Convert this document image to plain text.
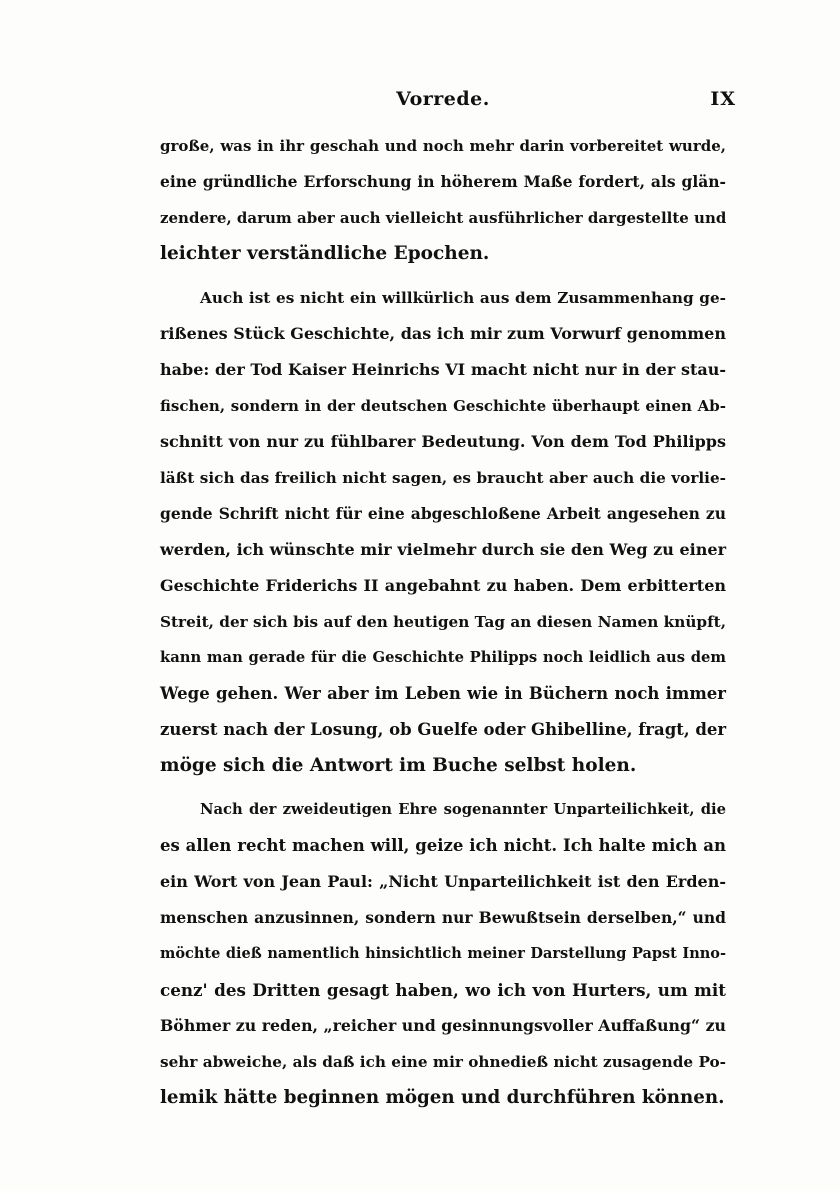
Vorrede.	IX
große, was in ihr geschah und noch mehr darin vorbereitet wurde,
eine gründliche Erforschung in höherem Maße fordert, als glän-
zendere, darum aber auch vielleicht ausführlicher dargestellte und
leichter verständliche Epochen.
Auch ist es nicht ein willkürlich aus dem Zusammenhang ge-
rißenes Stück Geschichte, das ich mir zum Vorwurf genommen
habe: der Tod Kaiser Heinrichs VI macht nicht nur in der stau-
fischen, sondern in der deutschen Geschichte überhaupt einen Ab-
schnitt von nur zu fühlbarer Bedeutung. Von dem Tod Philipps
läßt sich das freilich nicht sagen, es braucht aber auch die vorlie-
gende Schrift nicht für eine abgeschloßene Arbeit angesehen zu
werden, ich wünschte mir vielmehr durch sie den Weg zu einer
Geschichte Friderichs II angebahnt zu haben. Dem erbitterten
Streit, der sich bis auf den heutigen Tag an diesen Namen knüpft,
kann man gerade für die Geschichte Philipps noch leidlich aus dem
Wege gehen. Wer aber im Leben wie in Büchern noch immer
zuerst nach der Losung, ob Guelfe oder Ghibelline, fragt, der
möge sich die Antwort im Buche selbst holen.
Nach der zweideutigen Ehre sogenannter Unparteilichkeit, die
es allen recht machen will, geize ich nicht. Ich halte mich an
ein Wort von Jean Paul: „Nicht Unparteilichkeit ist den Erden-
menschen anzusinnen, sondern nur Bewußtsein derselben,“ und
möchte dieß namentlich hinsichtlich meiner Darstellung Papst Inno-
cenz' des Dritten gesagt haben, wo ich von Hurters, um mit
Böhmer zu reden, „reicher und gesinnungsvoller Auffaßung“ zu
sehr abweiche, als daß ich eine mir ohnedieß nicht zusagende Po-
lemik hätte beginnen mögen und durchführen können.
